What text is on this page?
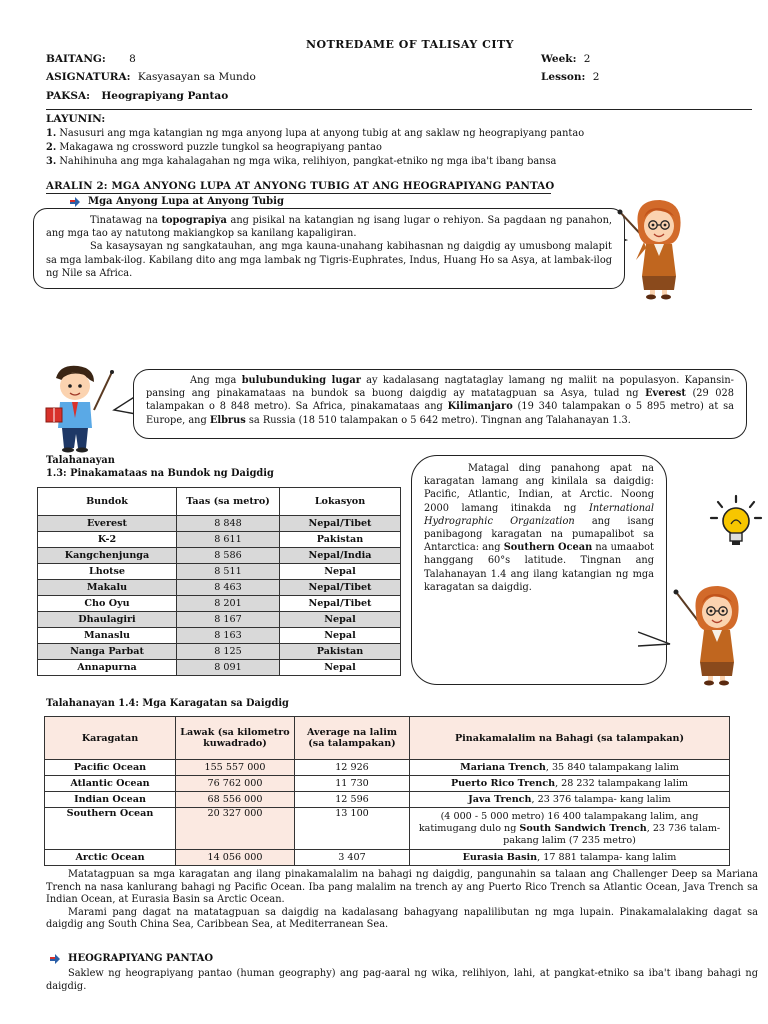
NOTREDAME OF TALISAY CITY
BAITANG: 8
ASIGNATURA: Kasyasayan sa Mundo
PAKSA: Heograpiyang Pantao
Week: 2
Lesson: 2
LAYUNIN:
1. Nasusuri ang mga katangian ng mga anyong lupa at anyong tubig at ang saklaw ng heograpiyang pantao
2. Makagawa ng crossword puzzle tungkol sa heograpiyang pantao
3. Nahihinuha ang mga kahalagahan ng mga wika, relihiyon, pangkat-etniko ng mga iba't ibang bansa
ARALIN 2: MGA ANYONG LUPA AT ANYONG TUBIG AT ANG HEOGRAPIYANG PANTAO
Mga Anyong Lupa at Anyong Tubig

Tinatawag na topograpiya ang pisikal na katangian ng isang lugar o rehiyon. Sa pagdaan ng panahon, ang mga tao ay natutong makiangkop sa kanilang kapaligiran.

Sa kasaysayan ng sangkatauhan, ang mga kauna-unahang kabihasnan ng daigdig ay umusbong malapit sa mga lambak-ilog. Kabilang dito ang mga lambak ng Tigris-Euphrates, Indus, Huang Ho sa Asya, at lambak-ilog ng Nile sa Africa.

Ang mga bulubunduking lugar ay kadalasang nagtataglay lamang ng maliit na populasyon. Kapansin-pansing ang pinakamataas na bundok sa buong daigdig ay matatagpuan sa Asya, tulad ng Everest (29 028 talampakan o 8 848 metro). Sa Africa, pinakamataas ang Kilimanjaro (19 340 talampakan o 5 895 metro) at sa Europe, ang Elbrus sa Russia (18 510 talampakan o 5 642 metro). Tingnan ang Talahanayan 1.3.

Talahanayan
1.3: Pinakamataas na Bundok ng Daigdig
Bundok	Taas (sa metro)	Lokasyon
Everest	8 848	Nepal/Tibet
K-2	8 611	Pakistan
Kangchenjunga	8 586	Nepal/India
Lhotse	8 511	Nepal
Makalu	8 463	Nepal/Tibet
Cho Oyu	8 201	Nepal/Tibet
Dhaulagiri	8 167	Nepal
Manaslu	8 163	Nepal
Nanga Parbat	8 125	Pakistan
Annapurna	8 091	Nepal

Matagal ding panahong apat na karagatan lamang ang kinilala sa daigdig: Pacific, Atlantic, Indian, at Arctic. Noong 2000 lamang itinakda ng International Hydrographic Organization ang isang panibagong karagatan na pumapalibot sa Antarctica: ang Southern Ocean na umaabot hanggang 60°s latitude. Tingnan ang Talahanayan 1.4 ang ilang katangian ng mga karagatan sa daigdig.

Talahanayan 1.4: Mga Karagatan sa Daigdig
Karagatan	Lawak (sa kilometro kuwadrado)	Average na lalim (sa talampakan)	Pinakamalalim na Bahagi (sa talampakan)
Pacific Ocean	155 557 000	12 926	Mariana Trench, 35 840 talampakang lalim
Atlantic Ocean	76 762 000	11 730	Puerto Rico Trench, 28 232 talampakang lalim
Indian Ocean	68 556 000	12 596	Java Trench, 23 376 talampa- kang lalim
Southern Ocean	20 327 000	13 100	(4 000 - 5 000 metro) 16 400 talampakang lalim, ang katimugang dulo ng South Sandwich Trench, 23 736 talam-pakang lalim (7 235 metro)
Arctic Ocean	14 056 000	3 407	Eurasia Basin, 17 881 talampa- kang lalim

Matatagpuan sa mga karagatan ang ilang pinakamalalim na bahagi ng daigdig, pangunahin sa talaan ang Challenger Deep sa Mariana Trench na nasa kanlurang bahagi ng Pacific Ocean. Iba pang malalim na trench ay ang Puerto Rico Trench sa Atlantic Ocean, Java Trench sa Indian Ocean, at Eurasia Basin sa Arctic Ocean.

Marami pang dagat na matatagpuan sa daigdig na kadalasang bahagyang napalilibutan ng mga lupain. Pinakamalalaking dagat sa daigdig ang South China Sea, Caribbean Sea, at Mediterranean Sea.

HEOGRAPIYANG PANTAO

Saklew ng heograpiyang pantao (human geography) ang pag-aaral ng wika, relihiyon, lahi, at pangkat-etniko sa iba't ibang bahagi ng daigdig.
